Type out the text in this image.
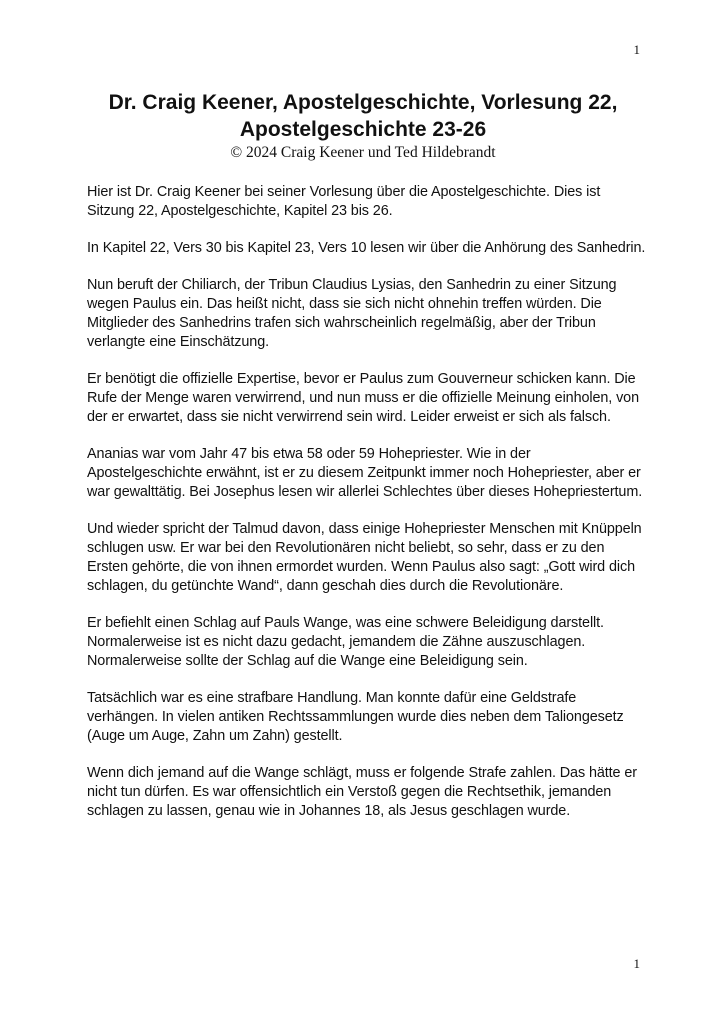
1
Dr. Craig Keener, Apostelgeschichte, Vorlesung 22,
Apostelgeschichte 23-26

© 2024 Craig Keener und Ted Hildebrandt

Hier ist Dr. Craig Keener bei seiner Vorlesung über die Apostelgeschichte. Dies ist Sitzung 22, Apostelgeschichte, Kapitel 23 bis 26.

In Kapitel 22, Vers 30 bis Kapitel 23, Vers 10 lesen wir über die Anhörung des Sanhedrin.

Nun beruft der Chiliarch, der Tribun Claudius Lysias, den Sanhedrin zu einer Sitzung wegen Paulus ein. Das heißt nicht, dass sie sich nicht ohnehin treffen würden. Die Mitglieder des Sanhedrins trafen sich wahrscheinlich regelmäßig, aber der Tribun verlangte eine Einschätzung.

Er benötigt die offizielle Expertise, bevor er Paulus zum Gouverneur schicken kann. Die Rufe der Menge waren verwirrend, und nun muss er die offizielle Meinung einholen, von der er erwartet, dass sie nicht verwirrend sein wird. Leider erweist er sich als falsch.

Ananias war vom Jahr 47 bis etwa 58 oder 59 Hohepriester. Wie in der Apostelgeschichte erwähnt, ist er zu diesem Zeitpunkt immer noch Hohepriester, aber er war gewalttätig. Bei Josephus lesen wir allerlei Schlechtes über dieses Hohepriestertum.

Und wieder spricht der Talmud davon, dass einige Hohepriester Menschen mit Knüppeln schlugen usw. Er war bei den Revolutionären nicht beliebt, so sehr, dass er zu den Ersten gehörte, die von ihnen ermordet wurden. Wenn Paulus also sagt: „Gott wird dich schlagen, du getünchte Wand“, dann geschah dies durch die Revolutionäre.

Er befiehlt einen Schlag auf Pauls Wange, was eine schwere Beleidigung darstellt. Normalerweise ist es nicht dazu gedacht, jemandem die Zähne auszuschlagen. Normalerweise sollte der Schlag auf die Wange eine Beleidigung sein.

Tatsächlich war es eine strafbare Handlung. Man konnte dafür eine Geldstrafe verhängen. In vielen antiken Rechtssammlungen wurde dies neben dem Taliongesetz (Auge um Auge, Zahn um Zahn) gestellt.

Wenn dich jemand auf die Wange schlägt, muss er folgende Strafe zahlen. Das hätte er nicht tun dürfen. Es war offensichtlich ein Verstoß gegen die Rechtsethik, jemanden schlagen zu lassen, genau wie in Johannes 18, als Jesus geschlagen wurde.

1
